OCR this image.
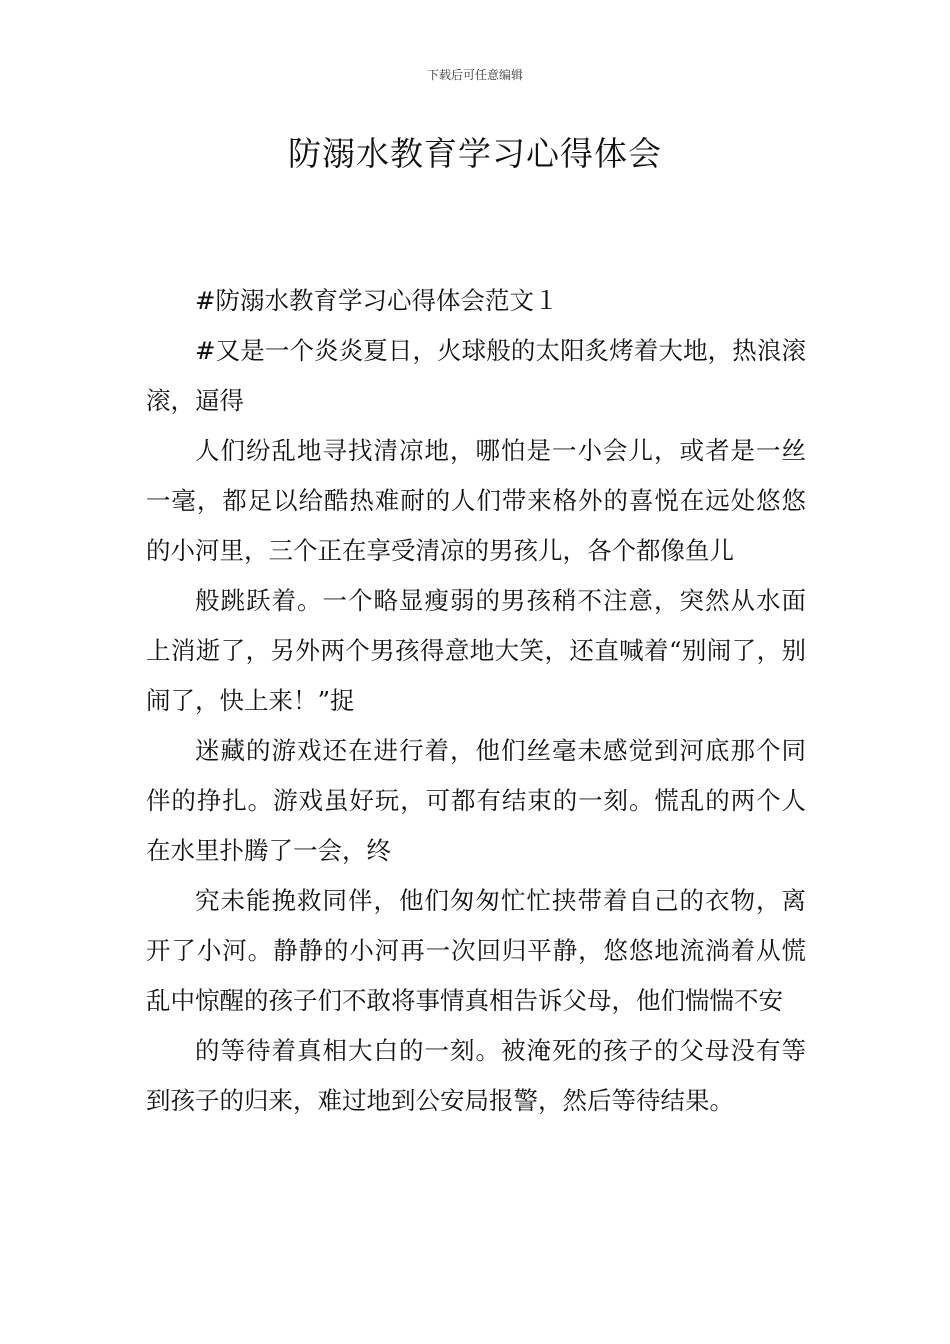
下载后可任意编辑
防溺水教育学习心得体会

#防溺水教育学习心得体会范文１

#又是一个炎炎夏日，火球般的太阳炙烤着大地，热浪滚滚，逼得

人们纷乱地寻找清凉地，哪怕是一小会儿，或者是一丝一毫，都足以给酷热难耐的人们带来格外的喜悦在远处悠悠的小河里，三个正在享受清凉的男孩儿，各个都像鱼儿

般跳跃着。一个略显瘦弱的男孩稍不注意，突然从水面上消逝了，另外两个男孩得意地大笑，还直喊着“别闹了，别闹了，快上来！”捉

迷藏的游戏还在进行着，他们丝毫未感觉到河底那个同伴的挣扎。游戏虽好玩，可都有结束的一刻。慌乱的两个人在水里扑腾了一会，终

究未能挽救同伴，他们匆匆忙忙挟带着自己的衣物，离开了小河。静静的小河再一次回归平静，悠悠地流淌着从慌乱中惊醒的孩子们不敢将事情真相告诉父母，他们惴惴不安

的等待着真相大白的一刻。被淹死的孩子的父母没有等到孩子的归来，难过地到公安局报警，然后等待结果。
